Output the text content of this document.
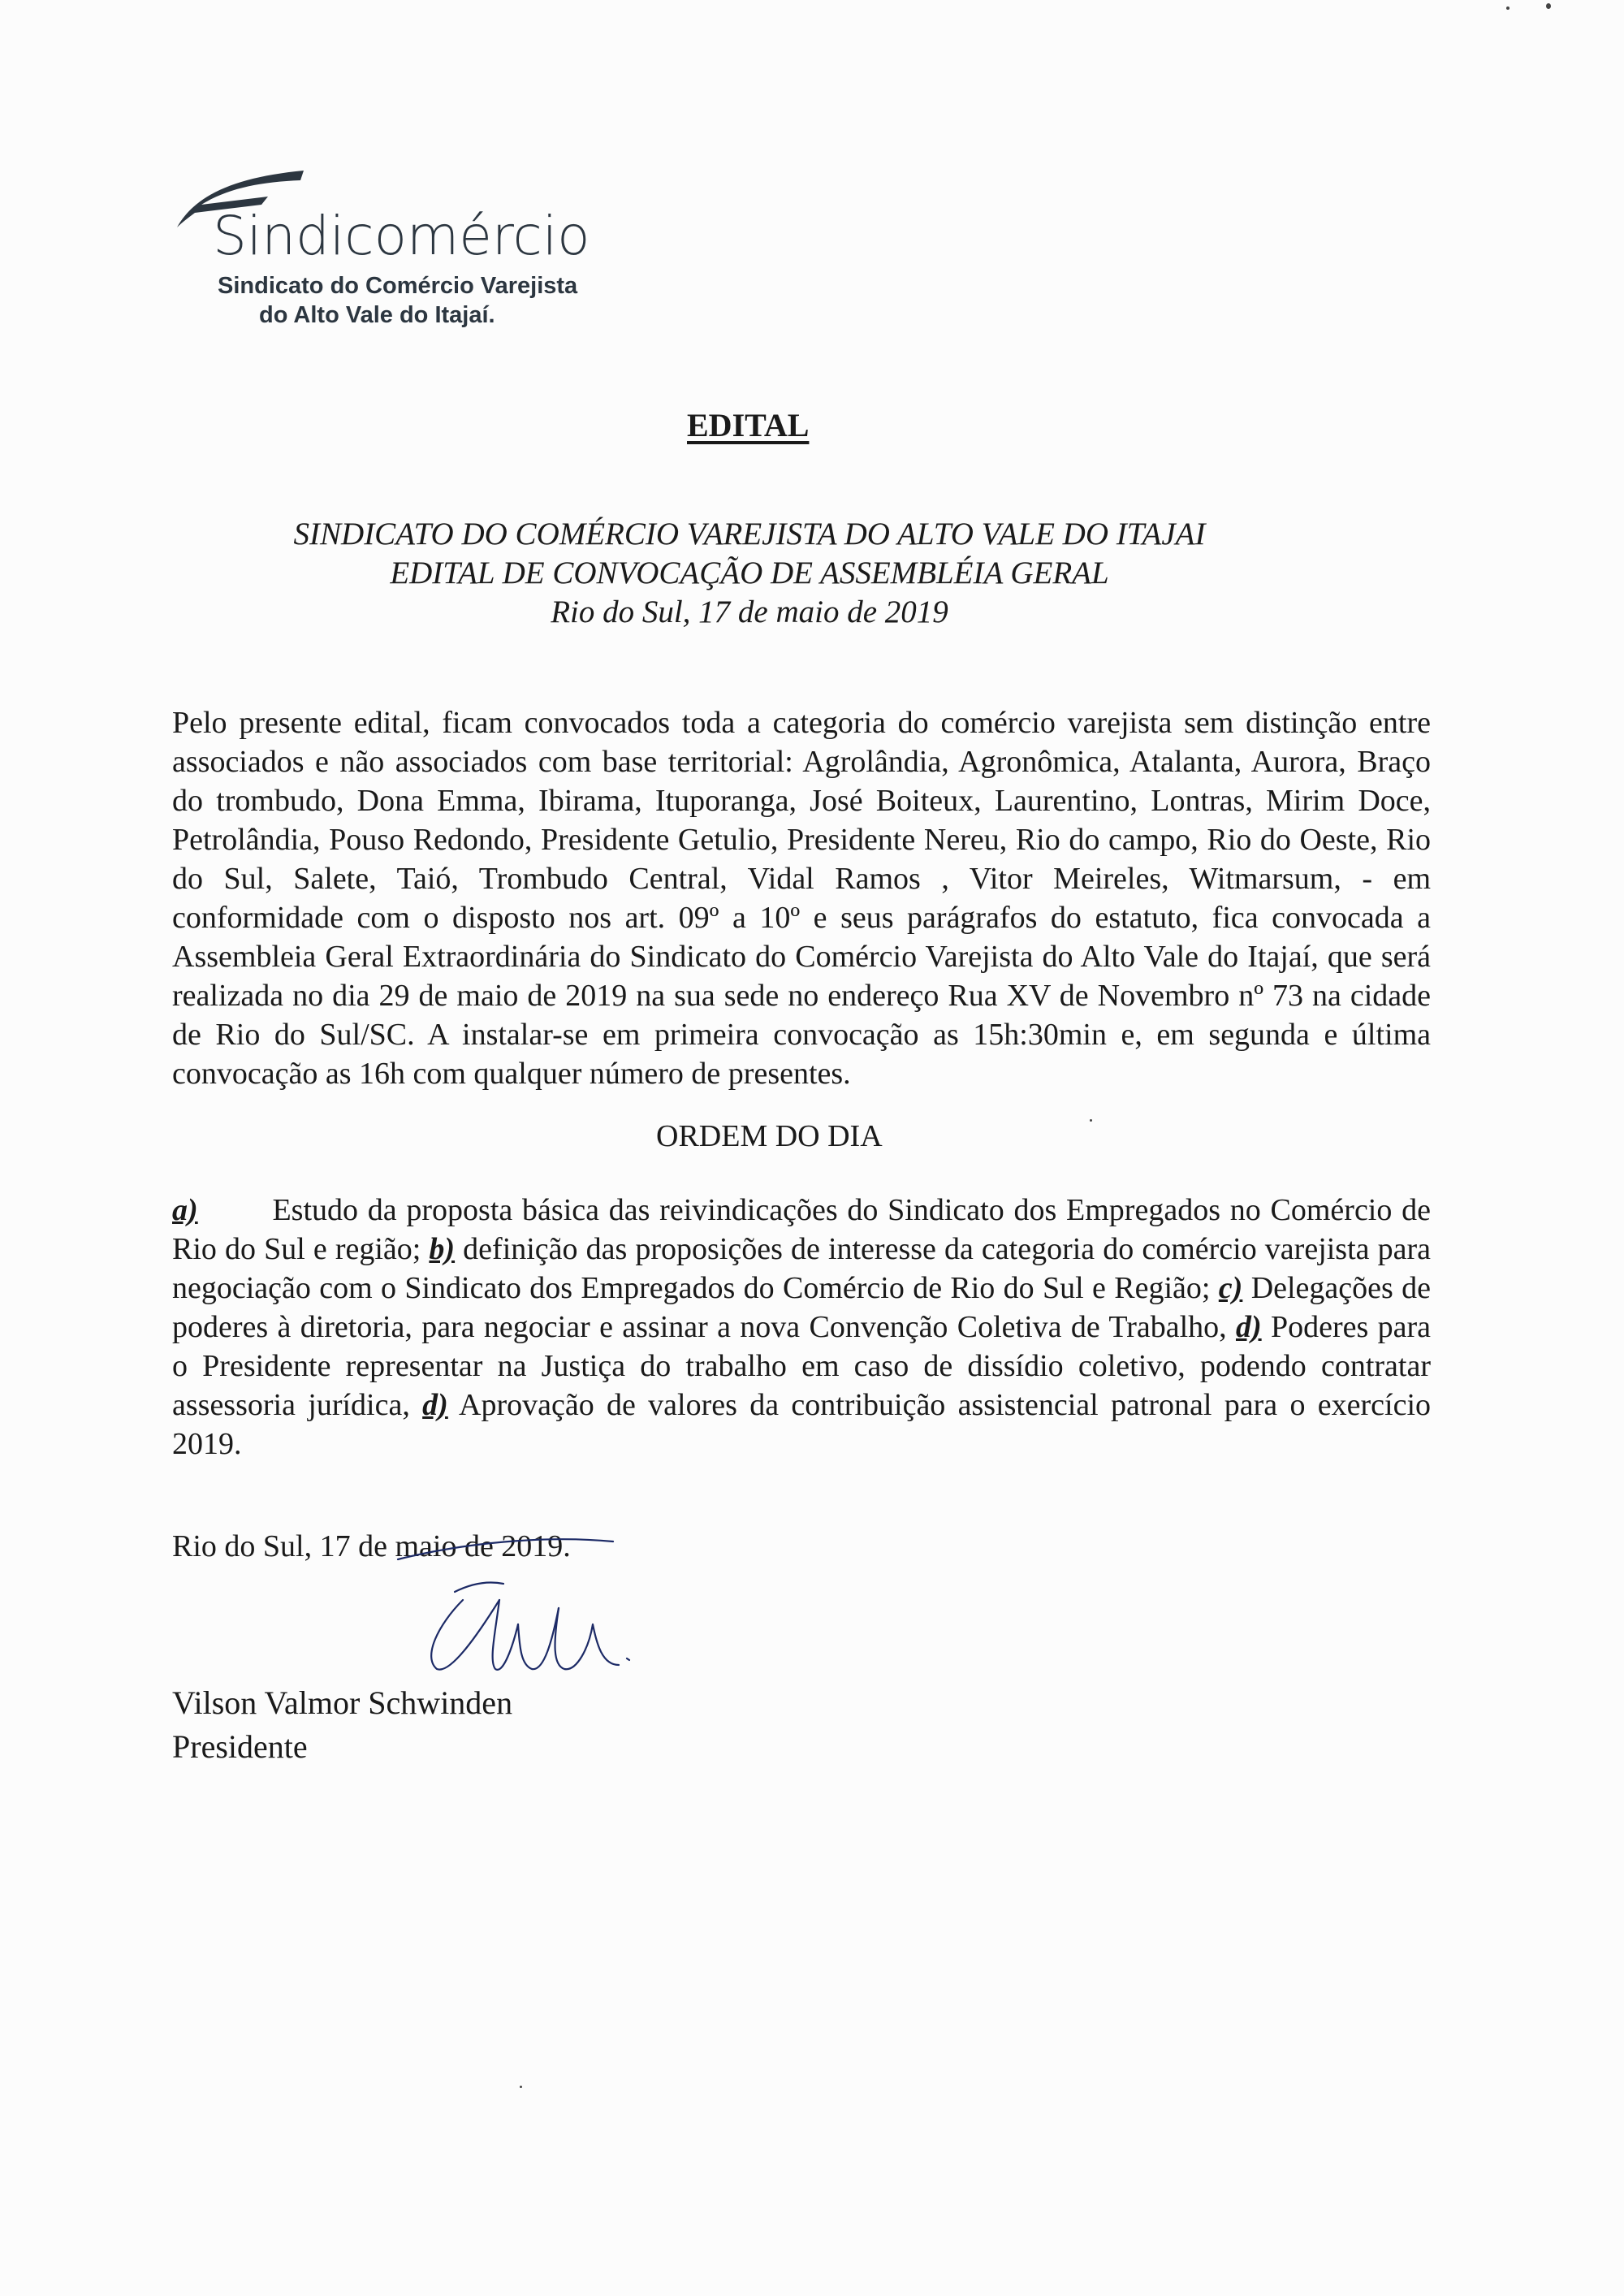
Sindicomércio
Sindicato do Comércio Varejista
do Alto Vale do Itajaí.
EDITAL
SINDICATO DO COMÉRCIO VAREJISTA DO ALTO VALE DO ITAJAI
EDITAL DE CONVOCAÇÃO DE ASSEMBLÉIA GERAL
Rio do Sul, 17 de maio de 2019
Pelo presente edital, ficam convocados toda a categoria do comércio varejista sem distinção entre associados e não associados com base territorial: Agrolândia, Agronômica, Atalanta, Aurora, Braço do trombudo, Dona Emma, Ibirama, Ituporanga, José Boiteux, Laurentino, Lontras, Mirim Doce, Petrolândia, Pouso Redondo, Presidente Getulio, Presidente Nereu, Rio do campo, Rio do Oeste, Rio do Sul, Salete, Taió, Trombudo Central, Vidal Ramos , Vitor Meireles, Witmarsum, - em conformidade com o disposto nos art. 09º a 10º e seus parágrafos do estatuto, fica convocada a Assembleia Geral Extraordinária do Sindicato do Comércio Varejista do Alto Vale do Itajaí, que será realizada no dia 29 de maio de 2019 na sua sede no endereço Rua XV de Novembro nº 73 na cidade de Rio do Sul/SC. A instalar-se em primeira convocação as 15h:30min e, em segunda e última convocação as 16h com qualquer número de presentes.
ORDEM DO DIA
a) Estudo da proposta básica das reivindicações do Sindicato dos Empregados no Comércio de Rio do Sul e região; b) definição das proposições de interesse da categoria do comércio varejista para negociação com o Sindicato dos Empregados do Comércio de Rio do Sul e Região; c) Delegações de poderes à diretoria, para negociar e assinar a nova Convenção Coletiva de Trabalho, d) Poderes para o Presidente representar na Justiça do trabalho em caso de dissídio coletivo, podendo contratar assessoria jurídica, d) Aprovação de valores da contribuição assistencial patronal para o exercício 2019.
Rio do Sul, 17 de maio de 2019.
Vilson Valmor Schwinden
Presidente
